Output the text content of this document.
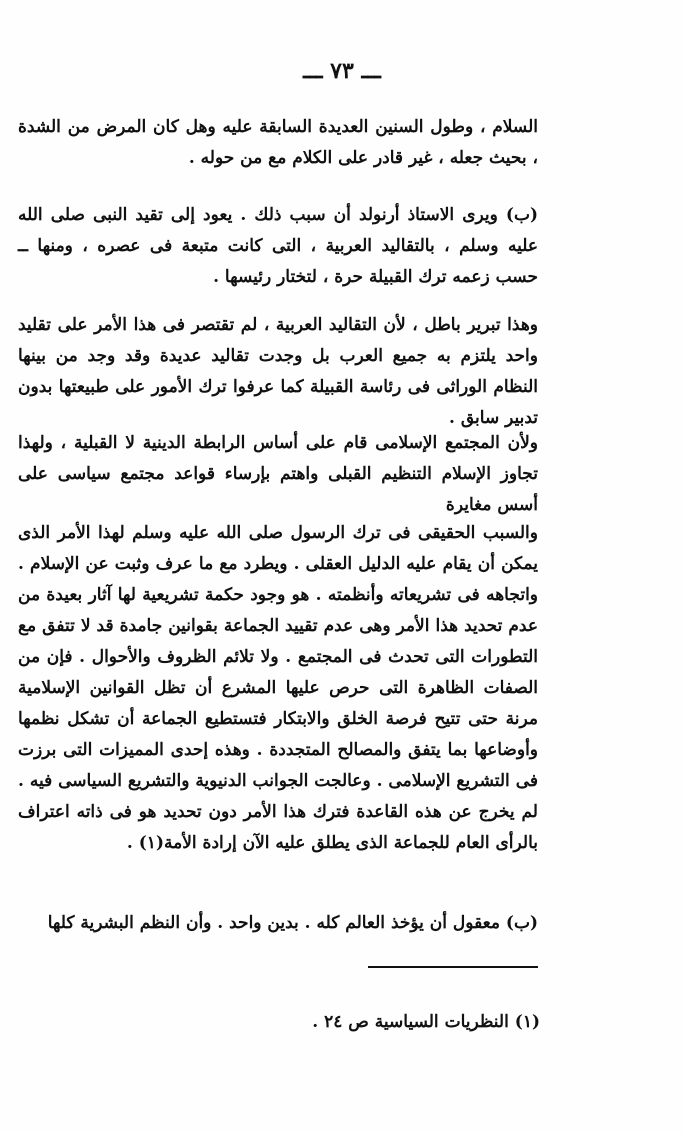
ـــ ٧٣ ـــ

السلام ، وطول السنين العديدة السابقة عليه وهل كان المرض من الشدة ، بحيث جعله ، غير قادر على الكلام مع من حوله .

(ب) ويرى الاستاذ أرنولد أن سبب ذلك . يعود إلى تقيد النبى صلى الله عليه وسلم ، بالتقاليد العربية ، التى كانت متبعة فى عصره ، ومنها ــ حسب زعمه ترك القبيلة حرة ، لتختار رئيسها .

وهذا تبرير باطل ، لأن التقاليد العربية ، لم تقتصر فى هذا الأمر على تقليد واحد يلتزم به جميع العرب بل وجدت تقاليد عديدة وقد وجد من بينها النظام الوراثى فى رئاسة القبيلة كما عرفوا ترك الأمور على طبيعتها بدون تدبير سابق .

ولأن المجتمع الإسلامى قام على أساس الرابطة الدينية لا القبلية ، ولهذا تجاوز الإسلام التنظيم القبلى واهتم بإرساء قواعد مجتمع سياسى على أسس مغايرة

والسبب الحقيقى فى ترك الرسول صلى الله عليه وسلم لهذا الأمر الذى يمكن أن يقام عليه الدليل العقلى . ويطرد مع ما عرف وثبت عن الإسلام . واتجاهه فى تشريعاته وأنظمته . هو وجود حكمة تشريعية لها آثار بعيدة من عدم تحديد هذا الأمر وهى عدم تقييد الجماعة بقوانين جامدة قد لا تتفق مع التطورات التى تحدث فى المجتمع . ولا تلائم الظروف والأحوال . فإن من الصفات الظاهرة التى حرص عليها المشرع أن تظل القوانين الإسلامية مرنة حتى تتيح فرصة الخلق والابتكار فتستطيع الجماعة أن تشكل نظمها وأوضاعها بما يتفق والمصالح المتجددة . وهذه إحدى المميزات التى برزت فى التشريع الإسلامى . وعالجت الجوانب الدنيوية والتشريع السياسى فيه . لم يخرج عن هذه القاعدة فترك هذا الأمر دون تحديد هو فى ذاته اعتراف بالرأى العام للجماعة الذى يطلق عليه الآن إرادة الأمة(١) .

(ب) معقول أن يؤخذ العالم كله . بدين واحد . وأن النظم البشرية كلها

(١) النظريات السياسية ص ٢٤ .
